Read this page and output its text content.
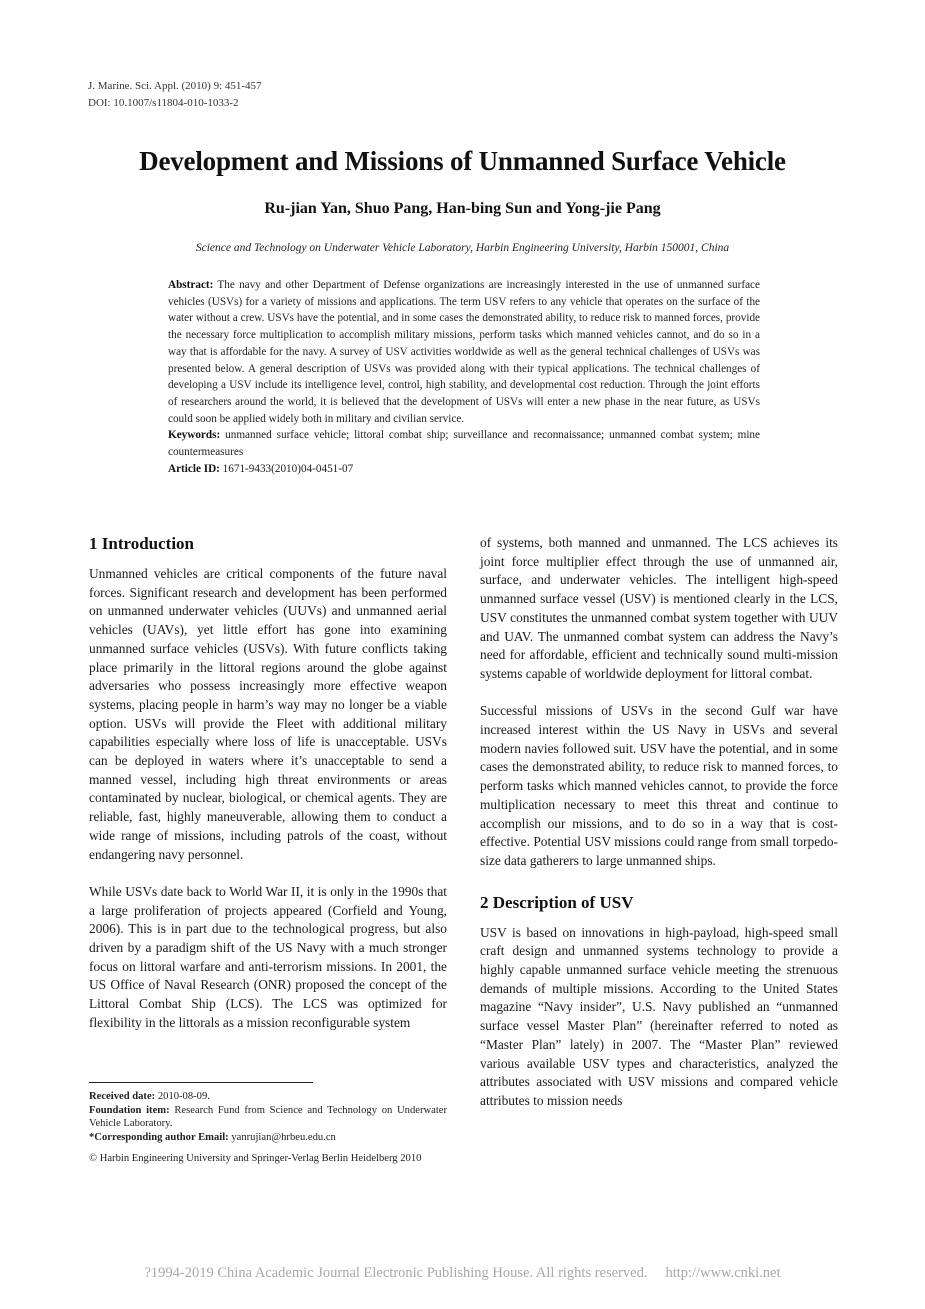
J. Marine. Sci. Appl. (2010) 9: 451-457
DOI: 10.1007/s11804-010-1033-2
Development and Missions of Unmanned Surface Vehicle
Ru-jian Yan, Shuo Pang, Han-bing Sun and Yong-jie Pang
Science and Technology on Underwater Vehicle Laboratory, Harbin Engineering University, Harbin 150001, China

Abstract: The navy and other Department of Defense organizations are increasingly interested in the use of unmanned surface vehicles (USVs) for a variety of missions and applications. The term USV refers to any vehicle that operates on the surface of the water without a crew. USVs have the potential, and in some cases the demonstrated ability, to reduce risk to manned forces, provide the necessary force multiplication to accomplish military missions, perform tasks which manned vehicles cannot, and do so in a way that is affordable for the navy. A survey of USV activities worldwide as well as the general technical challenges of USVs was presented below. A general description of USVs was provided along with their typical applications. The technical challenges of developing a USV include its intelligence level, control, high stability, and developmental cost reduction. Through the joint efforts of researchers around the world, it is believed that the development of USVs will enter a new phase in the near future, as USVs could soon be applied widely both in military and civilian service.

Keywords: unmanned surface vehicle; littoral combat ship; surveillance and reconnaissance; unmanned combat system; mine countermeasures

Article ID: 1671-9433(2010)04-0451-07

1 Introduction

Unmanned vehicles are critical components of the future naval forces. Significant research and development has been performed on unmanned underwater vehicles (UUVs) and unmanned aerial vehicles (UAVs), yet little effort has gone into examining unmanned surface vehicles (USVs). With future conflicts taking place primarily in the littoral regions around the globe against adversaries who possess increasingly more effective weapon systems, placing people in harm’s way may no longer be a viable option. USVs will provide the Fleet with additional military capabilities especially where loss of life is unacceptable. USVs can be deployed in waters where it’s unacceptable to send a manned vessel, including high threat environments or areas contaminated by nuclear, biological, or chemical agents. They are reliable, fast, highly maneuverable, allowing them to conduct a wide range of missions, including patrols of the coast, without endangering navy personnel.

While USVs date back to World War II, it is only in the 1990s that a large proliferation of projects appeared (Corfield and Young, 2006). This is in part due to the technological progress, but also driven by a paradigm shift of the US Navy with a much stronger focus on littoral warfare and anti-terrorism missions. In 2001, the US Office of Naval Research (ONR) proposed the concept of the Littoral Combat Ship (LCS). The LCS was optimized for flexibility in the littorals as a mission reconfigurable system

of systems, both manned and unmanned. The LCS achieves its joint force multiplier effect through the use of unmanned air, surface, and underwater vehicles. The intelligent high-speed unmanned surface vessel (USV) is mentioned clearly in the LCS, USV constitutes the unmanned combat system together with UUV and UAV. The unmanned combat system can address the Navy’s need for affordable, efficient and technically sound multi-mission systems capable of worldwide deployment for littoral combat.

Successful missions of USVs in the second Gulf war have increased interest within the US Navy in USVs and several modern navies followed suit. USV have the potential, and in some cases the demonstrated ability, to reduce risk to manned forces, to perform tasks which manned vehicles cannot, to provide the force multiplication necessary to meet this threat and continue to accomplish our missions, and to do so in a way that is cost-effective. Potential USV missions could range from small torpedo-size data gatherers to large unmanned ships.

2 Description of USV

USV is based on innovations in high-payload, high-speed small craft design and unmanned systems technology to provide a highly capable unmanned surface vehicle meeting the strenuous demands of multiple missions. According to the United States magazine “Navy insider”, U.S. Navy published an “unmanned surface vessel Master Plan” (hereinafter referred to noted as “Master Plan” lately) in 2007. The “Master Plan” reviewed various available USV types and characteristics, analyzed the attributes associated with USV missions and compared vehicle attributes to mission needs

Received date: 2010-08-09.

Foundation item: Research Fund from Science and Technology on Underwater Vehicle Laboratory.

*Corresponding author Email: yanrujian@hrbeu.edu.cn

© Harbin Engineering University and Springer-Verlag Berlin Heidelberg 2010

?1994-2019 China Academic Journal Electronic Publishing House. All rights reserved. http://www.cnki.net
